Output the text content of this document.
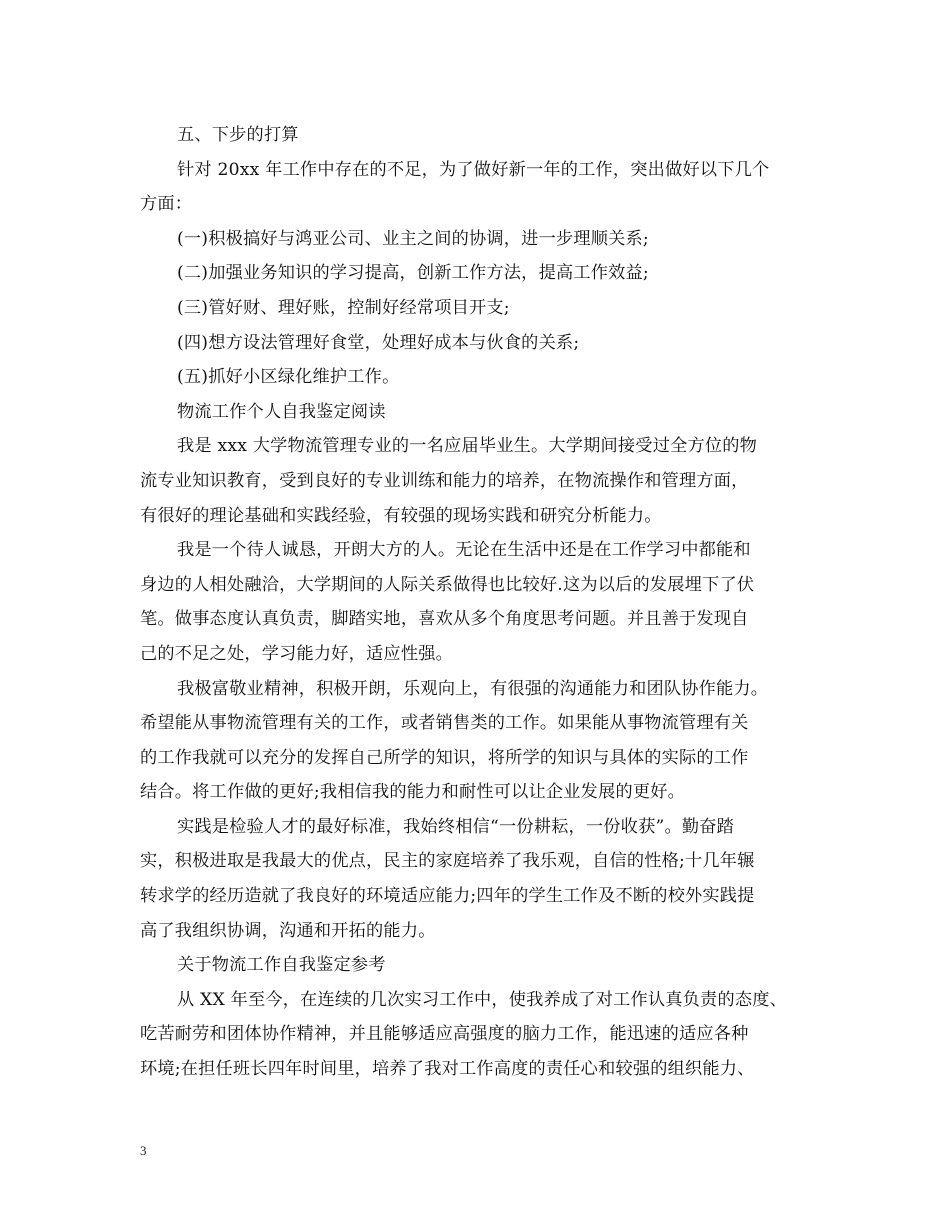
五、下步的打算
针对 20xx 年工作中存在的不足，为了做好新一年的工作，突出做好以下几个
方面：
(一)积极搞好与鸿亚公司、业主之间的协调，进一步理顺关系;
(二)加强业务知识的学习提高，创新工作方法，提高工作效益;
(三)管好财、理好账，控制好经常项目开支;
(四)想方设法管理好食堂，处理好成本与伙食的关系;
(五)抓好小区绿化维护工作。
物流工作个人自我鉴定阅读
我是 xxx 大学物流管理专业的一名应届毕业生。大学期间接受过全方位的物
流专业知识教育，受到良好的专业训练和能力的培养，在物流操作和管理方面，
有很好的理论基础和实践经验，有较强的现场实践和研究分析能力。
我是一个待人诚恳，开朗大方的人。无论在生活中还是在工作学习中都能和
身边的人相处融洽，大学期间的人际关系做得也比较好.这为以后的发展埋下了伏
笔。做事态度认真负责，脚踏实地，喜欢从多个角度思考问题。并且善于发现自
己的不足之处，学习能力好，适应性强。
我极富敬业精神，积极开朗，乐观向上，有很强的沟通能力和团队协作能力。
希望能从事物流管理有关的工作，或者销售类的工作。如果能从事物流管理有关
的工作我就可以充分的发挥自己所学的知识，将所学的知识与具体的实际的工作
结合。将工作做的更好;我相信我的能力和耐性可以让企业发展的更好。
实践是检验人才的最好标准，我始终相信“一份耕耘，一份收获”。勤奋踏
实，积极进取是我最大的优点，民主的家庭培养了我乐观，自信的性格;十几年辗
转求学的经历造就了我良好的环境适应能力;四年的学生工作及不断的校外实践提
高了我组织协调，沟通和开拓的能力。
关于物流工作自我鉴定参考
从 XX 年至今，在连续的几次实习工作中，使我养成了对工作认真负责的态度、
吃苦耐劳和团体协作精神，并且能够适应高强度的脑力工作，能迅速的适应各种
环境;在担任班长四年时间里，培养了我对工作高度的责任心和较强的组织能力、
3
